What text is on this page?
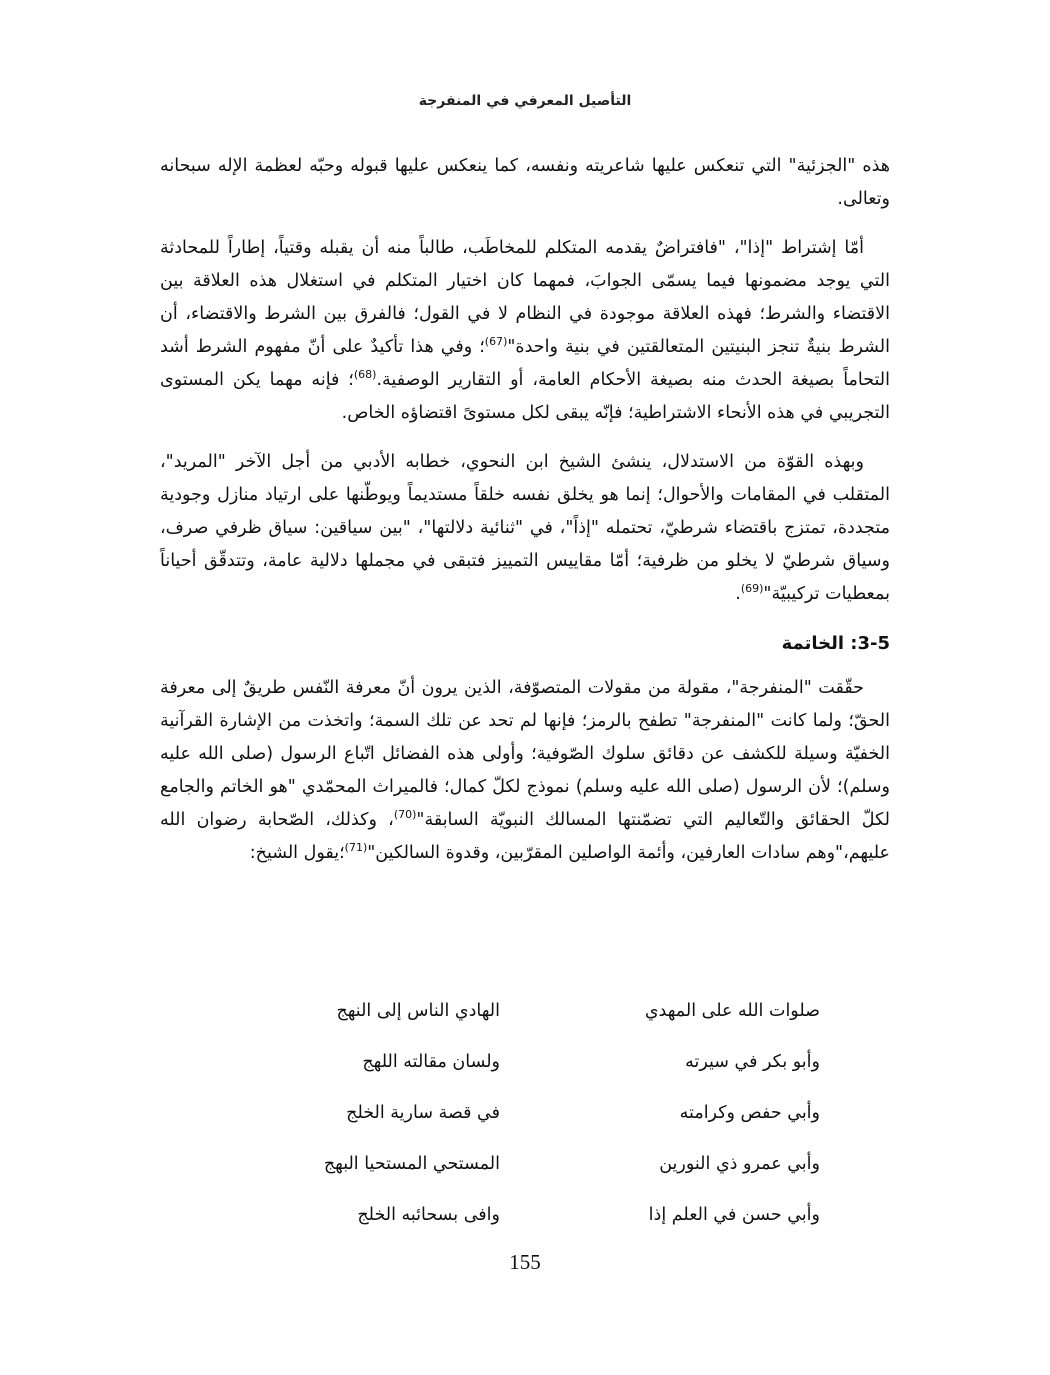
التأصيل المعرفي في المنفرجة

هذه "الجزئية" التي تنعكس عليها شاعريته ونفسه، كما ينعكس عليها قبوله وحبّه لعظمة الإله سبحانه وتعالى.

أمّا إشتراط "إذا"، "فافتراضٌ يقدمه المتكلم للمخاطَب، طالباً منه أن يقبله وقتياً، إطاراً للمحادثة التي يوجد مضمونها فيما يسمّى الجوابَ، فمهما كان اختيار المتكلم في استغلال هذه العلاقة بين الاقتضاء والشرط؛ فهذه العلاقة موجودة في النظام لا في القول؛ فالفرق بين الشرط والاقتضاء، أن الشرط بنيةٌ تنجز البنيتين المتعالقتين في بنية واحدة"$^{(67)}$؛ وفي هذا تأكيدٌ على أنّ مفهوم الشرط أشد التحاماً بصيغة الحدث منه بصيغة الأحكام العامة، أو التقارير الوصفية.$^{(68)}$؛ فإنه مهما يكن المستوى التجريبي في هذه الأنحاء الاشتراطية؛ فإنّه يبقى لكل مستوىً اقتضاؤه الخاص.

وبهذه القوّة من الاستدلال، ينشئ الشيخ ابن النحوي، خطابه الأدبي من أجل الآخر "المريد"، المتقلب في المقامات والأحوال؛ إنما هو يخلق نفسه خلقاً مستديماً ويوطّنها على ارتياد منازل وجودية متجددة، تمتزج باقتضاء شرطيّ، تحتمله "إذاً"، في "ثنائية دلالتها"، "بين سياقين: سياق ظرفي صرف، وسياق شرطيّ لا يخلو من ظرفية؛ أمّا مقاييس التمييز فتبقى في مجملها دلالية عامة، وتتدقّق أحياناً بمعطيات تركيبيّة"$^{(69)}$.

3-5: الخاتمة

حقّقت "المنفرجة"، مقولة من مقولات المتصوّفة، الذين يرون أنّ معرفة النّفس طريقٌ إلى معرفة الحقّ؛ ولما كانت "المنفرجة" تطفح بالرمز؛ فإنها لم تحد عن تلك السمة؛ واتخذت من الإشارة القرآنية الخفيّة وسيلة للكشف عن دقائق سلوك الصّوفية؛ وأولى هذه الفضائل اتّباع الرسول (صلى الله عليه وسلم)؛ لأن الرسول (صلى الله عليه وسلم) نموذج لكلّ كمال؛ فالميراث المحمّدي "هو الخاتم والجامع لكلّ الحقائق والتّعاليم التي تضمّنتها المسالك النبويّة السابقة"$^{(70)}$، وكذلك، الصّحابة رضوان الله عليهم،"وهم سادات العارفين، وأئمة الواصلين المقرّبين، وقدوة السالكين"$^{(71)}$؛يقول الشيخ:

صلوات الله على المهدي
الهادي الناس إلى النهج
وأبو بكر في سيرته
ولسان مقالته اللهج
وأبي حفص وكرامته
في قصة سارية الخلج
وأبي عمرو ذي النورين
المستحي المستحيا البهج
وأبي حسن في العلم إذا
وافى بسحائبه الخلج
155
